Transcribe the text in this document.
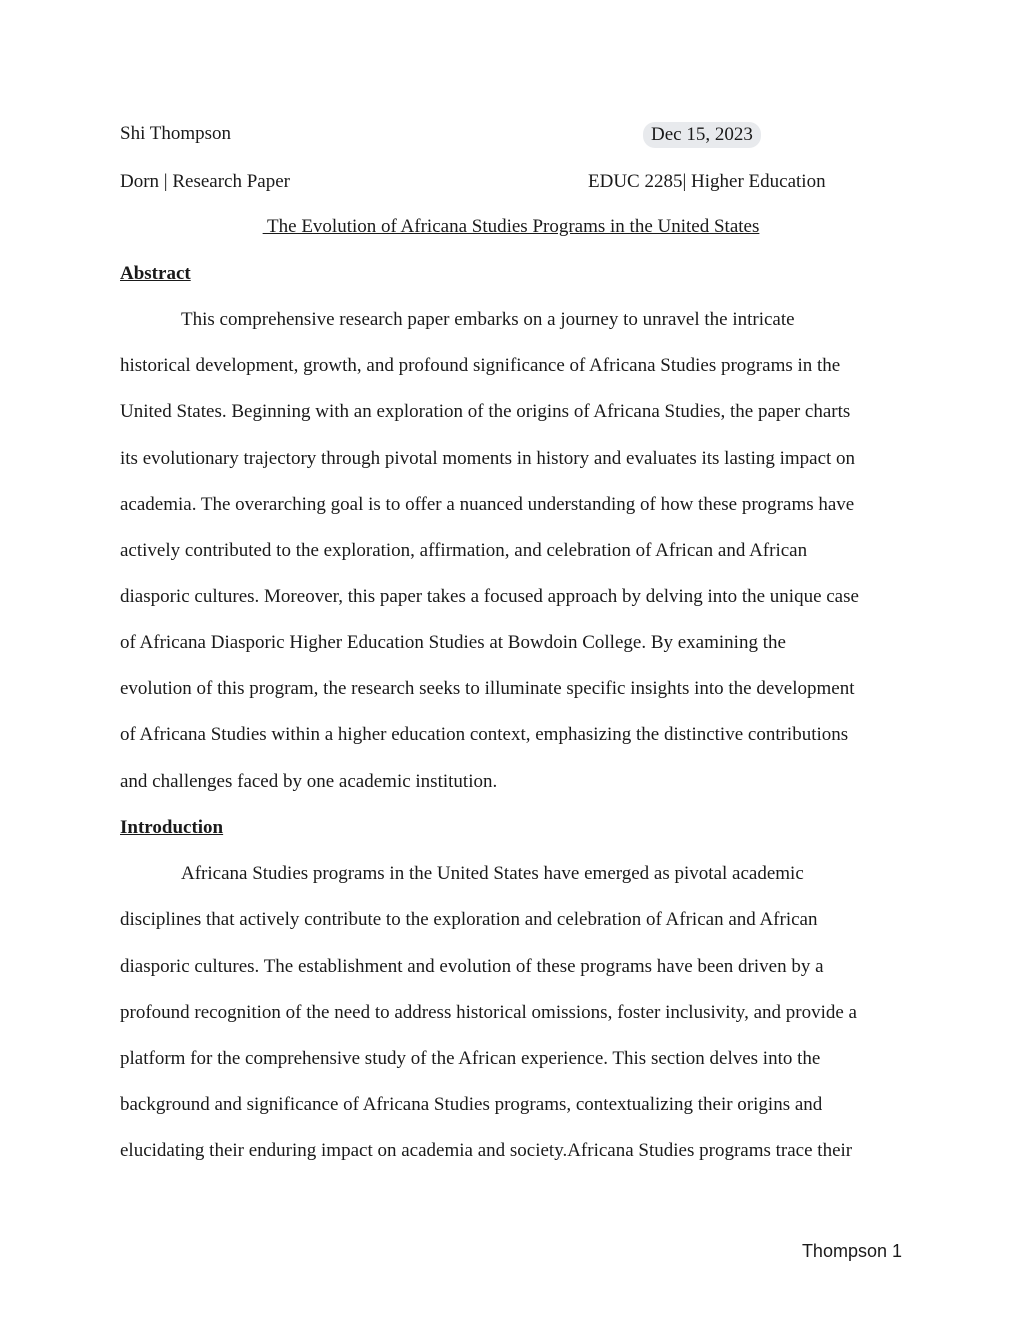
Shi Thompson	Dec 15, 2023
Dorn | Research Paper	EDUC 2285| Higher Education
The Evolution of Africana Studies Programs in the United States
Abstract
This comprehensive research paper embarks on a journey to unravel the intricate
historical development, growth, and profound significance of Africana Studies programs in the
United States. Beginning with an exploration of the origins of Africana Studies, the paper charts
its evolutionary trajectory through pivotal moments in history and evaluates its lasting impact on
academia. The overarching goal is to offer a nuanced understanding of how these programs have
actively contributed to the exploration, affirmation, and celebration of African and African
diasporic cultures. Moreover, this paper takes a focused approach by delving into the unique case
of Africana Diasporic Higher Education Studies at Bowdoin College. By examining the
evolution of this program, the research seeks to illuminate specific insights into the development
of Africana Studies within a higher education context, emphasizing the distinctive contributions
and challenges faced by one academic institution.
Introduction
Africana Studies programs in the United States have emerged as pivotal academic
disciplines that actively contribute to the exploration and celebration of African and African
diasporic cultures. The establishment and evolution of these programs have been driven by a
profound recognition of the need to address historical omissions, foster inclusivity, and provide a
platform for the comprehensive study of the African experience. This section delves into the
background and significance of Africana Studies programs, contextualizing their origins and
elucidating their enduring impact on academia and society.Africana Studies programs trace their
Thompson 1
